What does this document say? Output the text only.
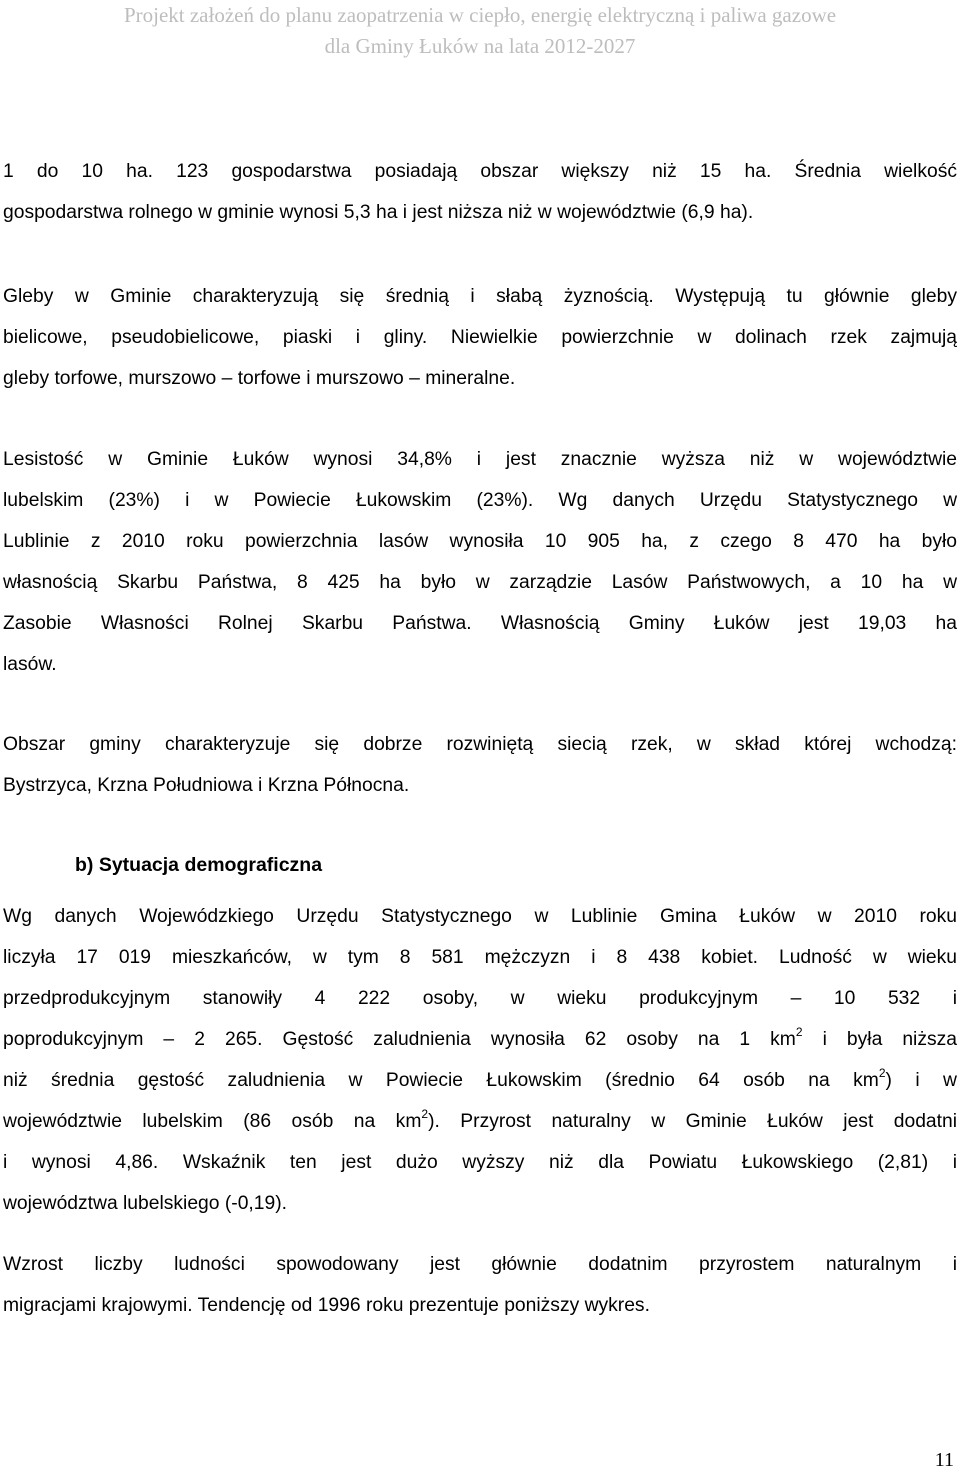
Projekt założeń do planu zaopatrzenia w ciepło, energię elektryczną i paliwa gazowe
dla Gminy Łuków na lata 2012-2027
1 do 10 ha. 123 gospodarstwa posiadają obszar większy niż 15 ha. Średnia wielkość
gospodarstwa rolnego w gminie wynosi 5,3 ha i jest niższa niż w województwie (6,9 ha).
Gleby w Gminie charakteryzują się średnią i słabą żyznością. Występują tu głównie gleby
bielicowe, pseudobielicowe, piaski i gliny. Niewielkie powierzchnie w dolinach rzek zajmują
gleby torfowe, murszowo – torfowe i murszowo – mineralne.
Lesistość w Gminie Łuków wynosi 34,8% i jest znacznie wyższa niż w województwie
lubelskim (23%) i w Powiecie Łukowskim (23%). Wg danych Urzędu Statystycznego w
Lublinie z 2010 roku powierzchnia lasów wynosiła 10 905 ha, z czego 8 470 ha było
własnością Skarbu Państwa, 8 425 ha było w zarządzie Lasów Państwowych, a 10 ha w
Zasobie Własności Rolnej Skarbu Państwa. Własnością Gminy Łuków jest 19,03 ha
lasów.
Obszar gminy charakteryzuje się dobrze rozwiniętą siecią rzek, w skład której wchodzą:
Bystrzyca, Krzna Południowa i Krzna Północna.
b) Sytuacja demograficzna
Wg danych Wojewódzkiego Urzędu Statystycznego w Lublinie Gmina Łuków w 2010 roku
liczyła 17 019 mieszkańców, w tym 8 581 mężczyzn i 8 438 kobiet. Ludność w wieku
przedprodukcyjnym stanowiły 4 222 osoby, w wieku produkcyjnym – 10 532 i
poprodukcyjnym – 2 265. Gęstość zaludnienia wynosiła 62 osoby na 1 $km^2$ i była niższa
niż średnia gęstość zaludnienia w Powiecie Łukowskim (średnio 64 osób na $km^2$) i w
województwie lubelskim (86 osób na $km^2$). Przyrost naturalny w Gminie Łuków jest dodatni
i wynosi 4,86. Wskaźnik ten jest dużo wyższy niż dla Powiatu Łukowskiego (2,81) i
województwa lubelskiego (-0,19).
Wzrost liczby ludności spowodowany jest głównie dodatnim przyrostem naturalnym i
migracjami krajowymi. Tendencję od 1996 roku prezentuje poniższy wykres.
11
